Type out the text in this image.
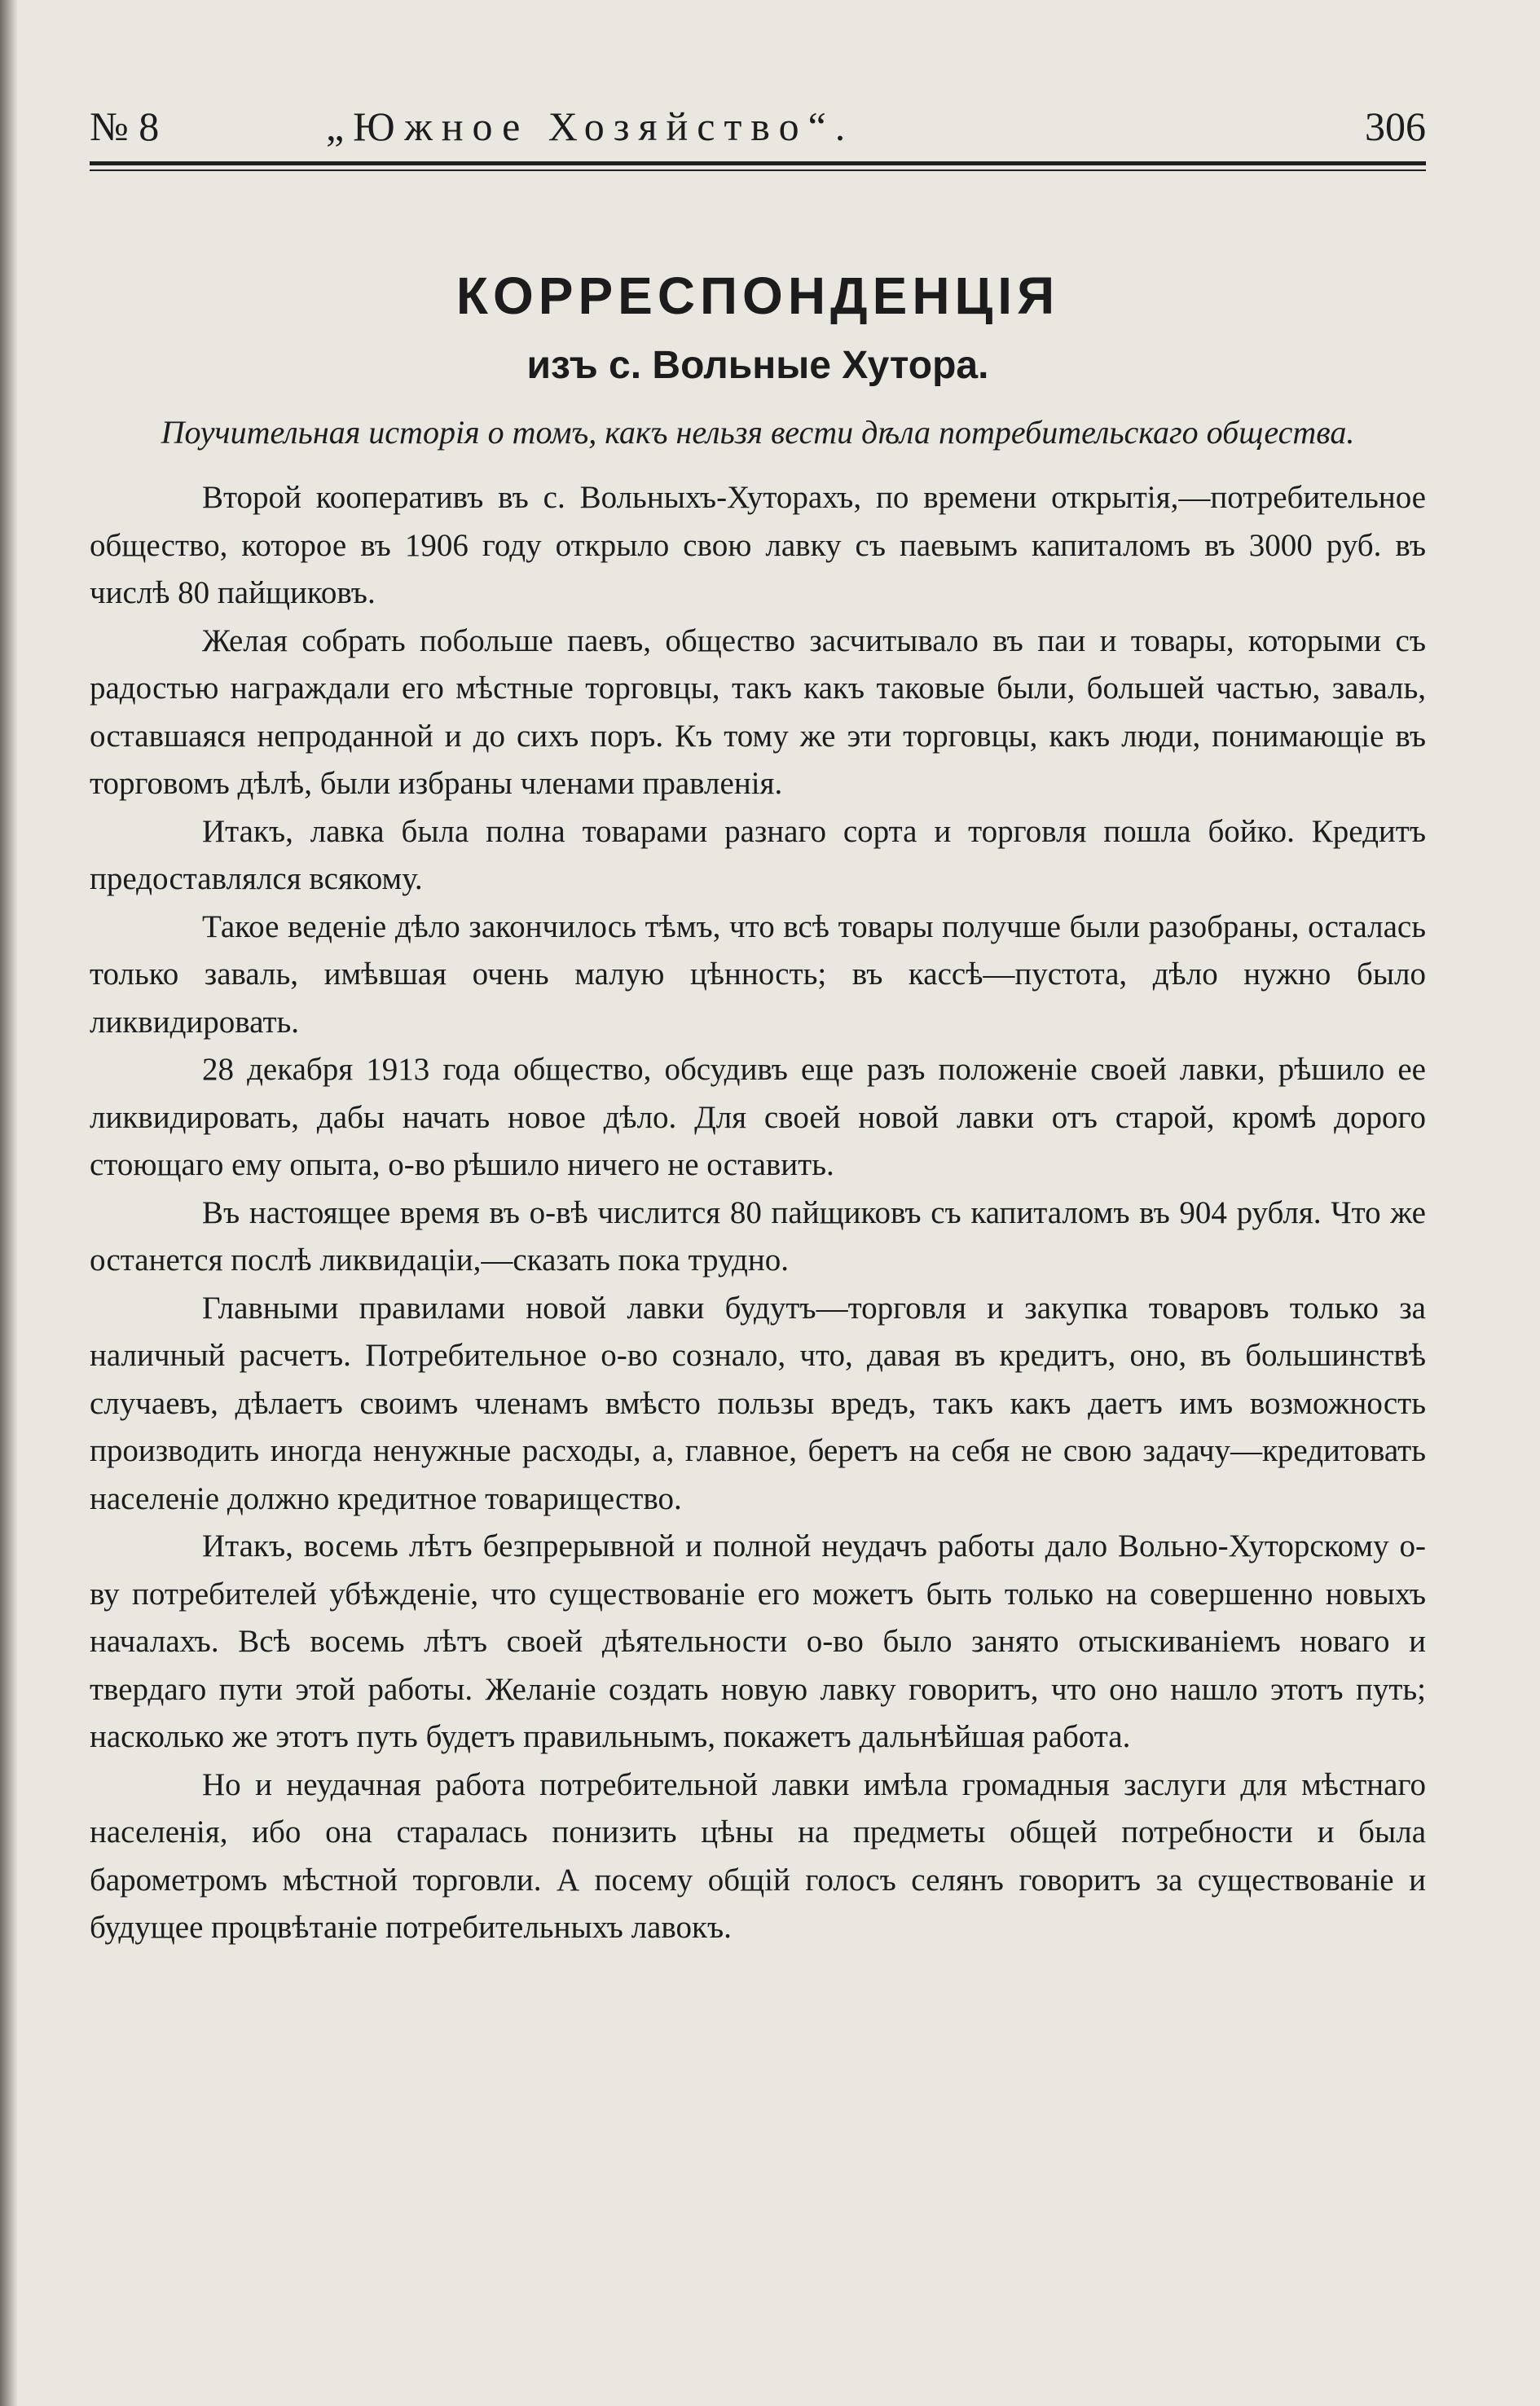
№ 8	„Южное Хозяйство“.	306
КОРРЕСПОНДЕНЦІЯ
изъ с. Вольные Хутора.
Поучительная исторія о томъ, какъ нельзя вести дѣла потребительскаго общества.

Второй кооперативъ въ с. Вольныхъ-Хуторахъ, по времени открытія,—потребительное общество, которое въ 1906 году открыло свою лавку съ паевымъ капиталомъ въ 3000 руб. въ числѣ 80 пайщиковъ.

Желая собрать побольше паевъ, общество засчитывало въ паи и товары, которыми съ радостью награждали его мѣстные торговцы, такъ какъ таковые были, большей частью, заваль, оставшаяся непроданной и до сихъ поръ. Къ тому же эти торговцы, какъ люди, понимающіе въ торговомъ дѣлѣ, были избраны членами правленія.

Итакъ, лавка была полна товарами разнаго сорта и торговля пошла бойко. Кредитъ предоставлялся всякому.

Такое веденіе дѣло закончилось тѣмъ, что всѣ товары получше были разобраны, осталась только заваль, имѣвшая очень малую цѣнность; въ кассѣ—пустота, дѣло нужно было ликвидировать.

28 декабря 1913 года общество, обсудивъ еще разъ положеніе своей лавки, рѣшило ее ликвидировать, дабы начать новое дѣло. Для своей новой лавки отъ старой, кромѣ дорого стоющаго ему опыта, о-во рѣшило ничего не оставить.

Въ настоящее время въ о-вѣ числится 80 пайщиковъ съ капиталомъ въ 904 рубля. Что же останется послѣ ликвидаціи,—сказать пока трудно.

Главными правилами новой лавки будутъ—торговля и закупка товаровъ только за наличный расчетъ. Потребительное о-во сознало, что, давая въ кредитъ, оно, въ большинствѣ случаевъ, дѣлаетъ своимъ членамъ вмѣсто пользы вредъ, такъ какъ даетъ имъ возможность производить иногда ненужные расходы, а, главное, беретъ на себя не свою задачу—кредитовать населеніе должно кредитное товарищество.

Итакъ, восемь лѣтъ безпрерывной и полной неудачъ работы дало Вольно-Хуторскому о-ву потребителей убѣжденіе, что существованіе его можетъ быть только на совершенно новыхъ началахъ. Всѣ восемь лѣтъ своей дѣятельности о-во было занято отыскиваніемъ новаго и твердаго пути этой работы. Желаніе создать новую лавку говоритъ, что оно нашло этотъ путь; насколько же этотъ путь будетъ правильнымъ, покажетъ дальнѣйшая работа.

Но и неудачная работа потребительной лавки имѣла громадныя заслуги для мѣстнаго населенія, ибо она старалась понизить цѣны на предметы общей потребности и была барометромъ мѣстной торговли. А посему общій голосъ селянъ говоритъ за существованіе и будущее процвѣтаніе потребительныхъ лавокъ.
